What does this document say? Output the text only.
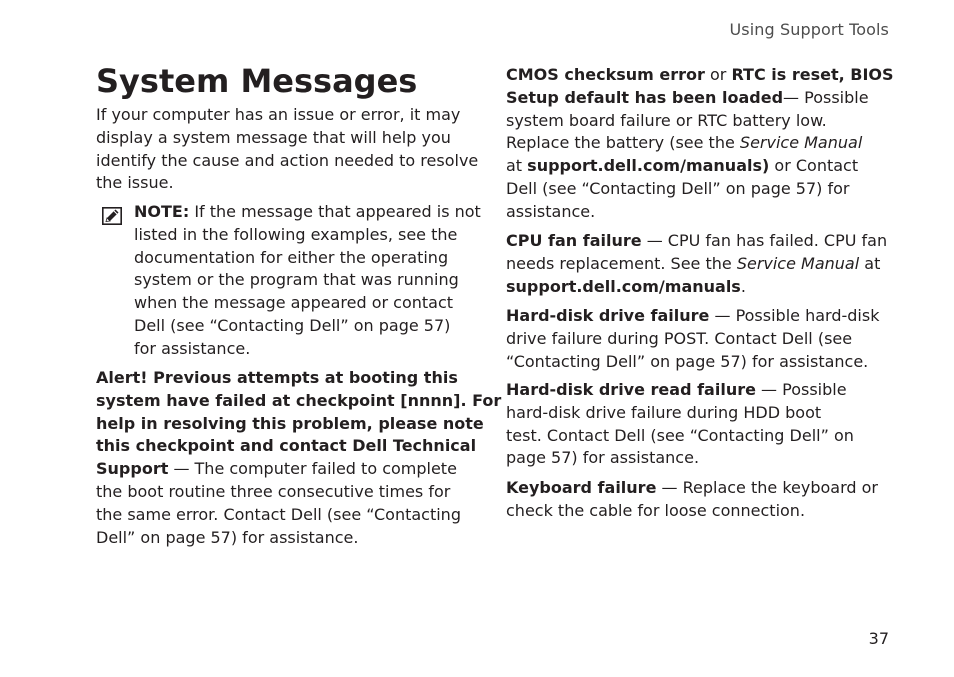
Using Support Tools
System Messages
If your computer has an issue or error, it may
display a system message that will help you
identify the cause and action needed to resolve
the issue.
NOTE: If the message that appeared is not
listed in the following examples, see the
documentation for either the operating
system or the program that was running
when the message appeared or contact
Dell (see “Contacting Dell” on page 57)
for assistance.
Alert! Previous attempts at booting this
system have failed at checkpoint [nnnn]. For
help in resolving this problem, please note
this checkpoint and contact Dell Technical
Support — The computer failed to complete
the boot routine three consecutive times for
the same error. Contact Dell (see “Contacting
Dell” on page 57) for assistance.
CMOS checksum error or RTC is reset, BIOS
Setup default has been loaded— Possible
system board failure or RTC battery low.
Replace the battery (see the Service Manual
at support.dell.com/manuals) or Contact
Dell (see “Contacting Dell” on page 57) for
assistance.
CPU fan failure — CPU fan has failed. CPU fan
needs replacement. See the Service Manual at
support.dell.com/manuals.
Hard-disk drive failure — Possible hard-disk
drive failure during POST. Contact Dell (see
“Contacting Dell” on page 57) for assistance.
Hard-disk drive read failure — Possible
hard-disk drive failure during HDD boot
test. Contact Dell (see “Contacting Dell” on
page 57) for assistance.
Keyboard failure — Replace the keyboard or
check the cable for loose connection.
37
